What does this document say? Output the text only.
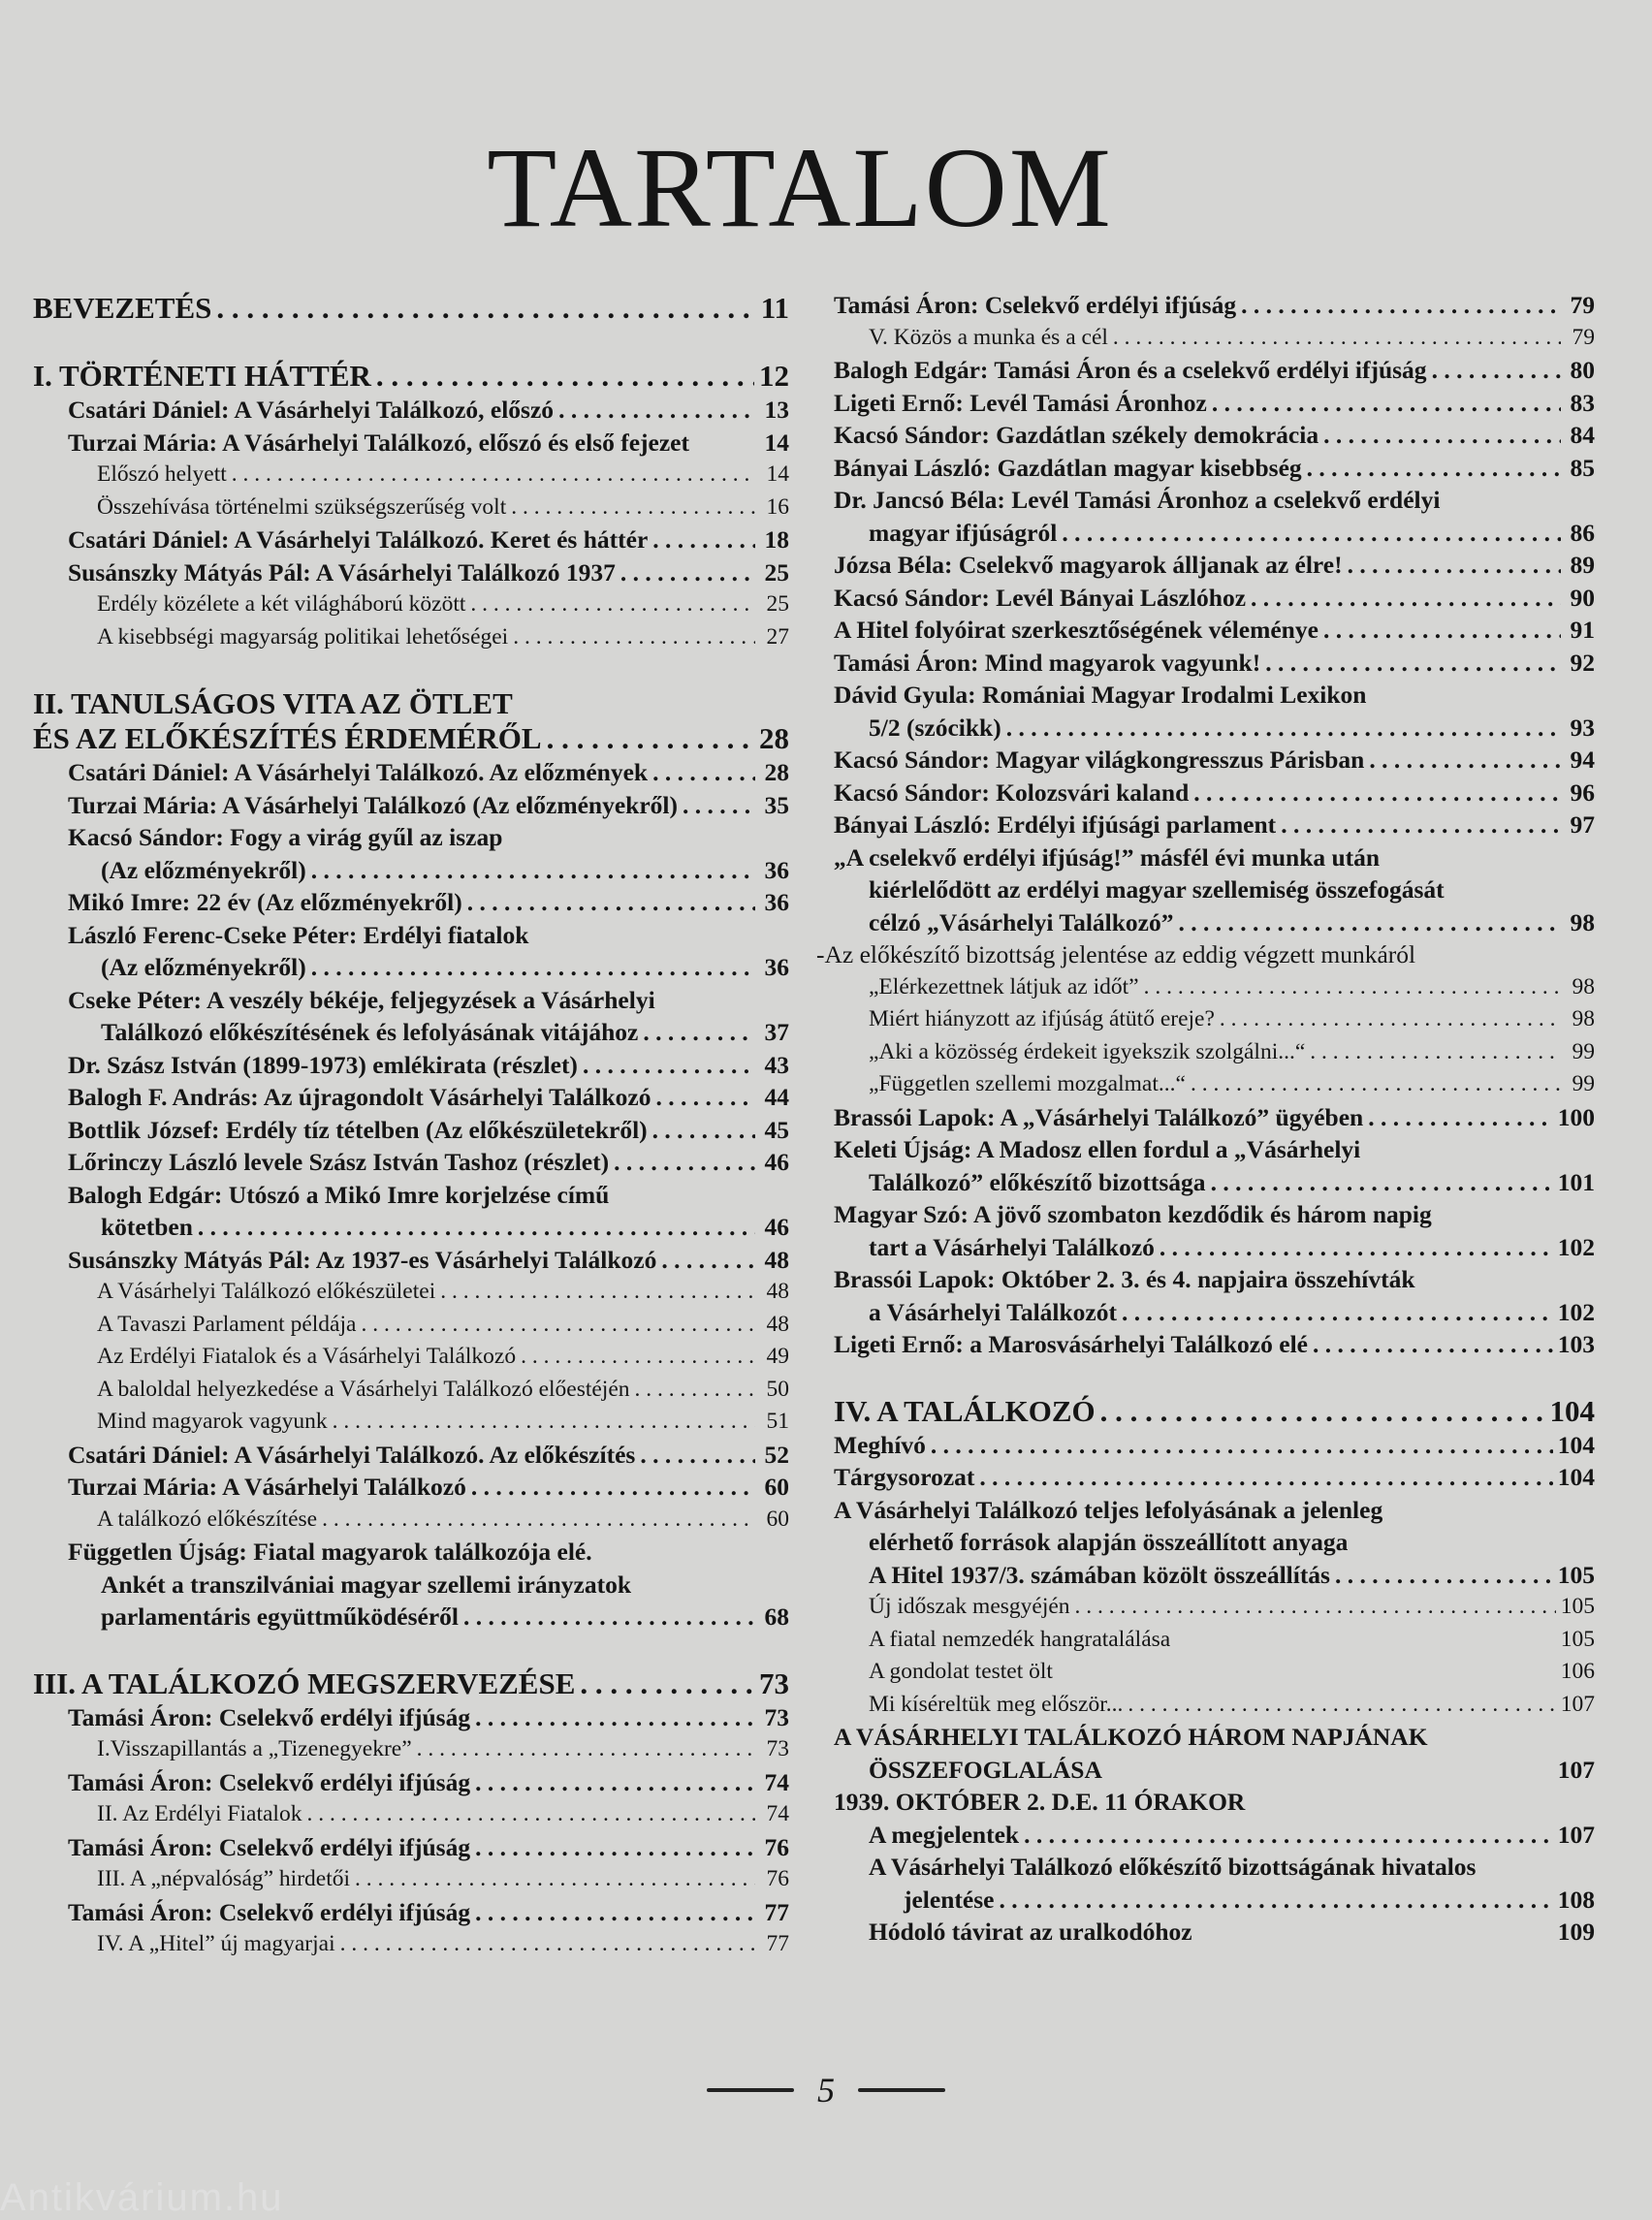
TARTALOM
BEVEZETÉS . . .	11
I. TÖRTÉNETI HÁTTÉR . . .	12
Csatári Dániel: A Vásárhelyi Találkozó, előszó . . .	13
Turzai Mária: A Vásárhelyi Találkozó, előszó és első fejezet	14
Előszó helyett . . .	14
Összehívása történelmi szükségszerűség volt . . .	16
Csatári Dániel: A Vásárhelyi Találkozó. Keret és háttér . . .	18
Susánszky Mátyás Pál: A Vásárhelyi Találkozó 1937 . . .	25
Erdély közélete a két világháború között . . .	25
A kisebbségi magyarság politikai lehetőségei . . .	27
II. TANULSÁGOS VITA AZ ÖTLET
ÉS AZ ELŐKÉSZÍTÉS ÉRDEMÉRŐL . . .	28
Csatári Dániel: A Vásárhelyi Találkozó. Az előzmények . . .	28
Turzai Mária: A Vásárhelyi Találkozó (Az előzményekről) . . .	35
Kacsó Sándor: Fogy a virág gyűl az iszap
(Az előzményekről) . . .	36
Mikó Imre: 22 év (Az előzményekről) . . .	36
László Ferenc-Cseke Péter: Erdélyi fiatalok
(Az előzményekről) . . .	36
Cseke Péter: A veszély békéje, feljegyzések a Vásárhelyi
Találkozó előkészítésének és lefolyásának vitájához . . .	37
Dr. Szász István (1899-1973) emlékirata (részlet) . . .	43
Balogh F. András: Az újragondolt Vásárhelyi Találkozó . . .	44
Bottlik József: Erdély tíz tételben (Az előkészületekről) . . .	45
Lőrinczy László levele Szász István Tashoz (részlet) . . .	46
Balogh Edgár: Utószó a Mikó Imre korjelzése című
kötetben . . .	46
Susánszky Mátyás Pál: Az 1937-es Vásárhelyi Találkozó . . .	48
A Vásárhelyi Találkozó előkészületei . . .	48
A Tavaszi Parlament példája . . .	48
Az Erdélyi Fiatalok és a Vásárhelyi Találkozó . . .	49
A baloldal helyezkedése a Vásárhelyi Találkozó előestéjén . . .	50
Mind magyarok vagyunk . . .	51
Csatári Dániel: A Vásárhelyi Találkozó. Az előkészítés . . .	52
Turzai Mária: A Vásárhelyi Találkozó . . .	60
A találkozó előkészítése . . .	60
Független Újság: Fiatal magyarok találkozója elé.
Ankét a transzilvániai magyar szellemi irányzatok
parlamentáris együttműködéséről . . .	68
III. A TALÁLKOZÓ MEGSZERVEZÉSE . . .	73
Tamási Áron: Cselekvő erdélyi ifjúság . . .	73
I.Visszapillantás a „Tizenegyekre” . . .	73
Tamási Áron: Cselekvő erdélyi ifjúság . . .	74
II. Az Erdélyi Fiatalok . . .	74
Tamási Áron: Cselekvő erdélyi ifjúság . . .	76
III. A „népvalóság” hirdetői . . .	76
Tamási Áron: Cselekvő erdélyi ifjúság . . .	77
IV. A „Hitel” új magyarjai . . .	77
Tamási Áron: Cselekvő erdélyi ifjúság . . .	79
V. Közös a munka és a cél . . .	79
Balogh Edgár: Tamási Áron és a cselekvő erdélyi ifjúság . . .	80
Ligeti Ernő: Levél Tamási Áronhoz . . .	83
Kacsó Sándor: Gazdátlan székely demokrácia . . .	84
Bányai László: Gazdátlan magyar kisebbség . . .	85
Dr. Jancsó Béla: Levél Tamási Áronhoz a cselekvő erdélyi
magyar ifjúságról . . .	86
Józsa Béla: Cselekvő magyarok álljanak az élre! . . .	89
Kacsó Sándor: Levél Bányai Lászlóhoz . . .	90
A Hitel folyóirat szerkesztőségének véleménye . . .	91
Tamási Áron: Mind magyarok vagyunk! . . .	92
Dávid Gyula: Romániai Magyar Irodalmi Lexikon
5/2 (szócikk) . . .	93
Kacsó Sándor: Magyar világkongresszus Párisban . . .	94
Kacsó Sándor: Kolozsvári kaland . . .	96
Bányai László: Erdélyi ifjúsági parlament . . .	97
„A cselekvő erdélyi ifjúság!” másfél évi munka után
kiérlelődött az erdélyi magyar szellemiség összefogását
célzó „Vásárhelyi Találkozó” . . .	98
-Az előkészítő bizottság jelentése az eddig végzett munkáról
„Elérkezettnek látjuk az időt” . . .	98
Miért hiányzott az ifjúság átütő ereje? . . .	98
„Aki a közösség érdekeit igyekszik szolgálni...“ . . .	99
„Független szellemi mozgalmat...“ . . .	99
Brassói Lapok: A „Vásárhelyi Találkozó” ügyében . . .	100
Keleti Újság: A Madosz ellen fordul a „Vásárhelyi
Találkozó” előkészítő bizottsága . . .	101
Magyar Szó: A jövő szombaton kezdődik és három napig
tart a Vásárhelyi Találkozó . . .	102
Brassói Lapok: Október 2. 3. és 4. napjaira összehívták
a Vásárhelyi Találkozót . . .	102
Ligeti Ernő: a Marosvásárhelyi Találkozó elé . . .	103
IV. A TALÁLKOZÓ . . .	104
Meghívó . . .	104
Tárgysorozat . . .	104
A Vásárhelyi Találkozó teljes lefolyásának a jelenleg
elérhető források alapján összeállított anyaga
A Hitel 1937/3. számában közölt összeállítás . . .	105
Új időszak mesgyéjén . . .	105
A fiatal nemzedék hangratalálása	105
A gondolat testet ölt	106
Mi kíséreltük meg először... . . .	107
A VÁSÁRHELYI TALÁLKOZÓ HÁROM NAPJÁNAK
ÖSSZEFOGLALÁSA	107
1939. OKTÓBER 2. D.E. 11 ÓRAKOR
A megjelentek . . .	107
A Vásárhelyi Találkozó előkészítő bizottságának hivatalos
jelentése . . .	108
Hódoló távirat az uralkodóhoz	109
5
Antikvárium.hu
